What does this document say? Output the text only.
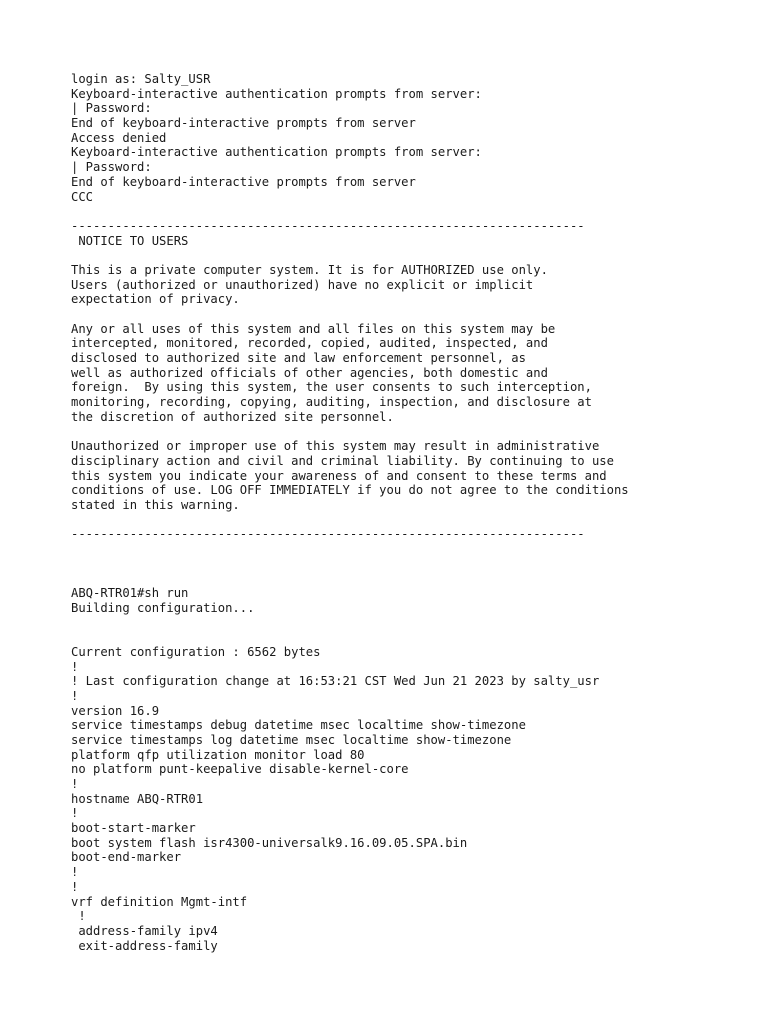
login as: Salty_USR
Keyboard-interactive authentication prompts from server:
| Password:
End of keyboard-interactive prompts from server
Access denied
Keyboard-interactive authentication prompts from server:
| Password:
End of keyboard-interactive prompts from server
CCC
----------------------------------------------------------------------
NOTICE TO USERS
This is a private computer system. It is for AUTHORIZED use only.
Users (authorized or unauthorized) have no explicit or implicit
expectation of privacy.
Any or all uses of this system and all files on this system may be
intercepted, monitored, recorded, copied, audited, inspected, and
disclosed to authorized site and law enforcement personnel, as
well as authorized officials of other agencies, both domestic and
foreign.  By using this system, the user consents to such interception,
monitoring, recording, copying, auditing, inspection, and disclosure at
the discretion of authorized site personnel.
Unauthorized or improper use of this system may result in administrative
disciplinary action and civil and criminal liability. By continuing to use
this system you indicate your awareness of and consent to these terms and
conditions of use. LOG OFF IMMEDIATELY if you do not agree to the conditions
stated in this warning.
----------------------------------------------------------------------
ABQ-RTR01#sh run
Building configuration...
Current configuration : 6562 bytes
!
! Last configuration change at 16:53:21 CST Wed Jun 21 2023 by salty_usr
!
version 16.9
service timestamps debug datetime msec localtime show-timezone
service timestamps log datetime msec localtime show-timezone
platform qfp utilization monitor load 80
no platform punt-keepalive disable-kernel-core
!
hostname ABQ-RTR01
!
boot-start-marker
boot system flash isr4300-universalk9.16.09.05.SPA.bin
boot-end-marker
!
!
vrf definition Mgmt-intf
!
address-family ipv4
exit-address-family
